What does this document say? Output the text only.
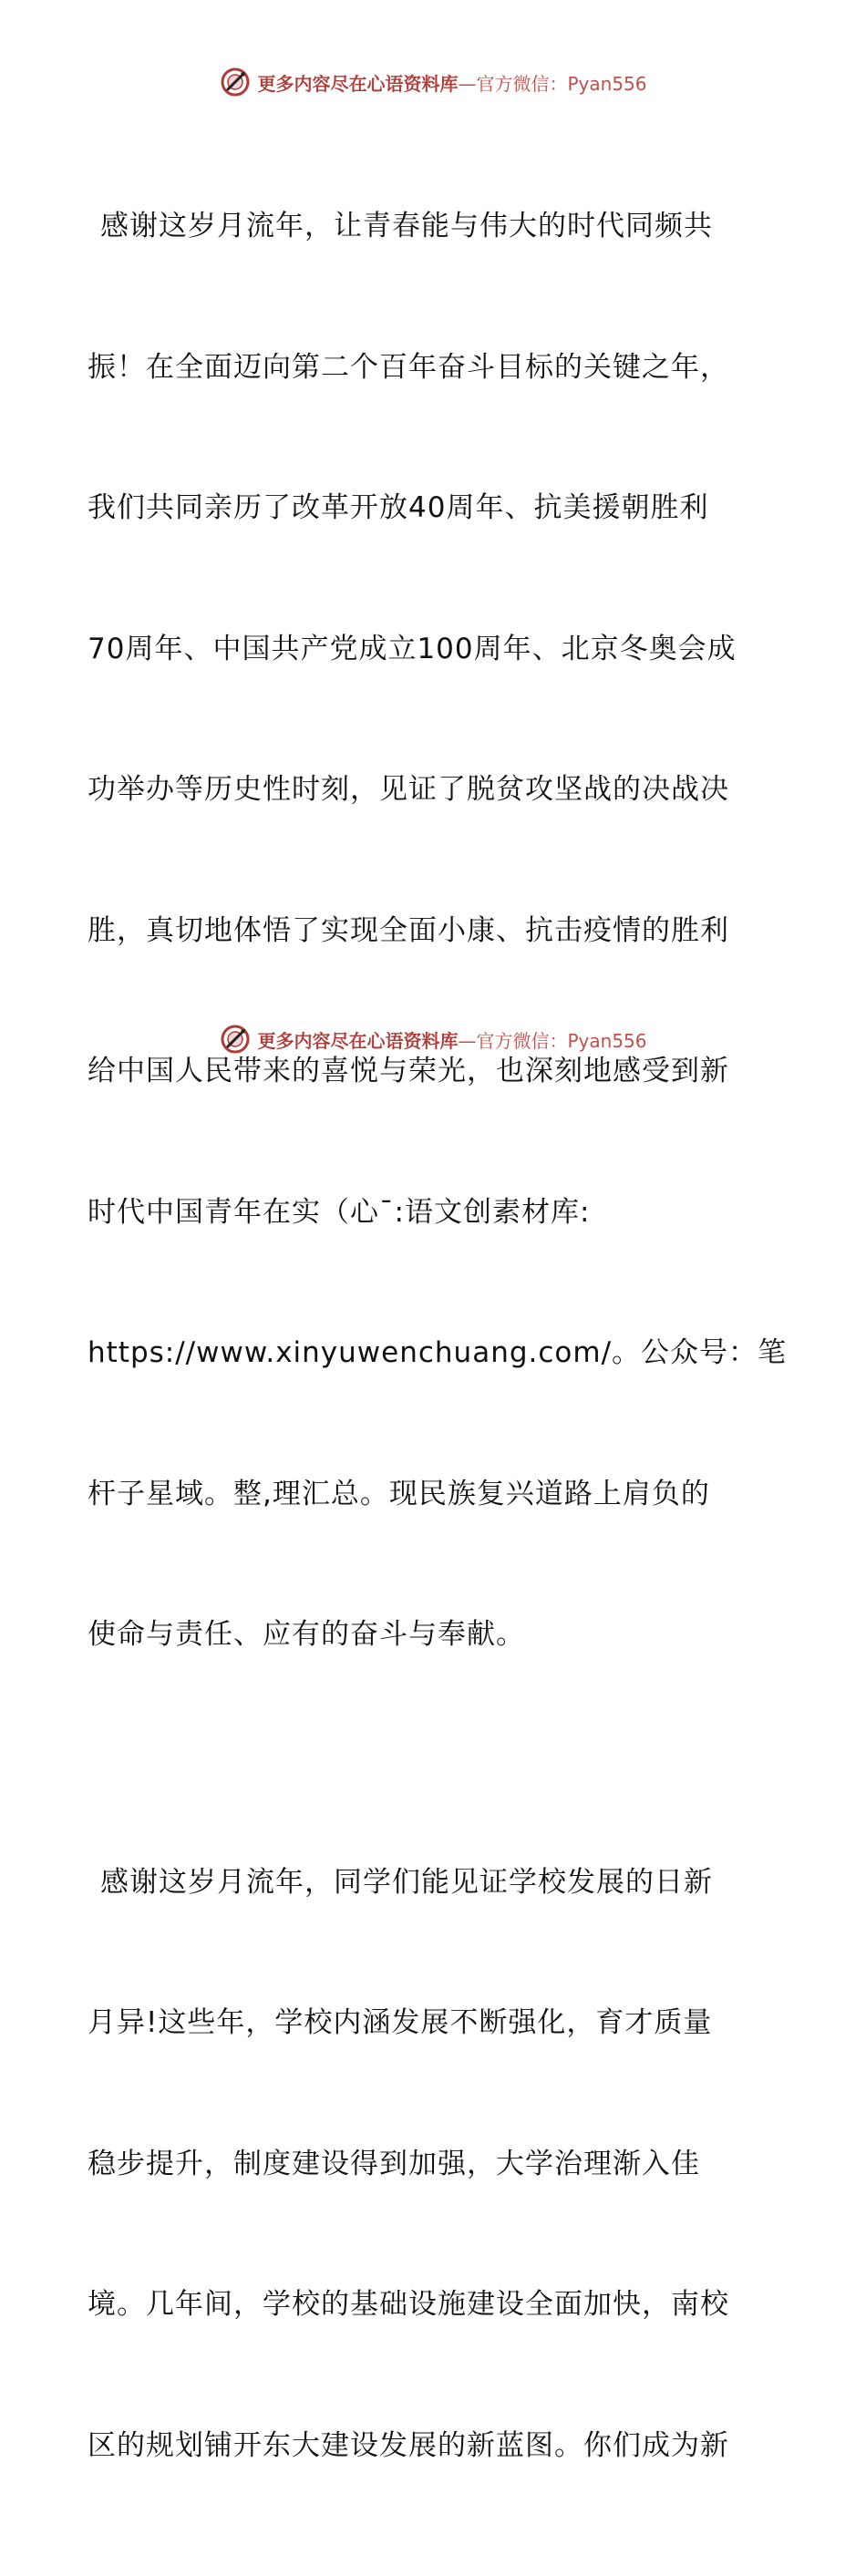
更多内容尽在心语资料库—官方微信：Pyan556

感谢这岁月流年，让青春能与伟大的时代同频共

振！在全面迈向第二个百年奋斗目标的关键之年，

我们共同亲历了改革开放40周年、抗美援朝胜利

70周年、中国共产党成立100周年、北京冬奥会成

功举办等历史性时刻，见证了脱贫攻坚战的决战决

胜，真切地体悟了实现全面小康、抗击疫情的胜利

给中国人民带来的喜悦与荣光，也深刻地感受到新

时代中国青年在实（心¯:语文创素材库:

https://www.xinyuwenchuang.com/。公众号：笔

杆子星域。整,理汇总。现民族复兴道路上肩负的

使命与责任、应有的奋斗与奉献。

感谢这岁月流年，同学们能见证学校发展的日新

月异!这些年，学校内涵发展不断强化，育才质量

稳步提升，制度建设得到加强，大学治理渐入佳

境。几年间，学校的基础设施建设全面加快，南校

区的规划铺开东大建设发展的新蓝图。你们成为新

更多内容尽在心语资料库—官方微信：Pyan556
